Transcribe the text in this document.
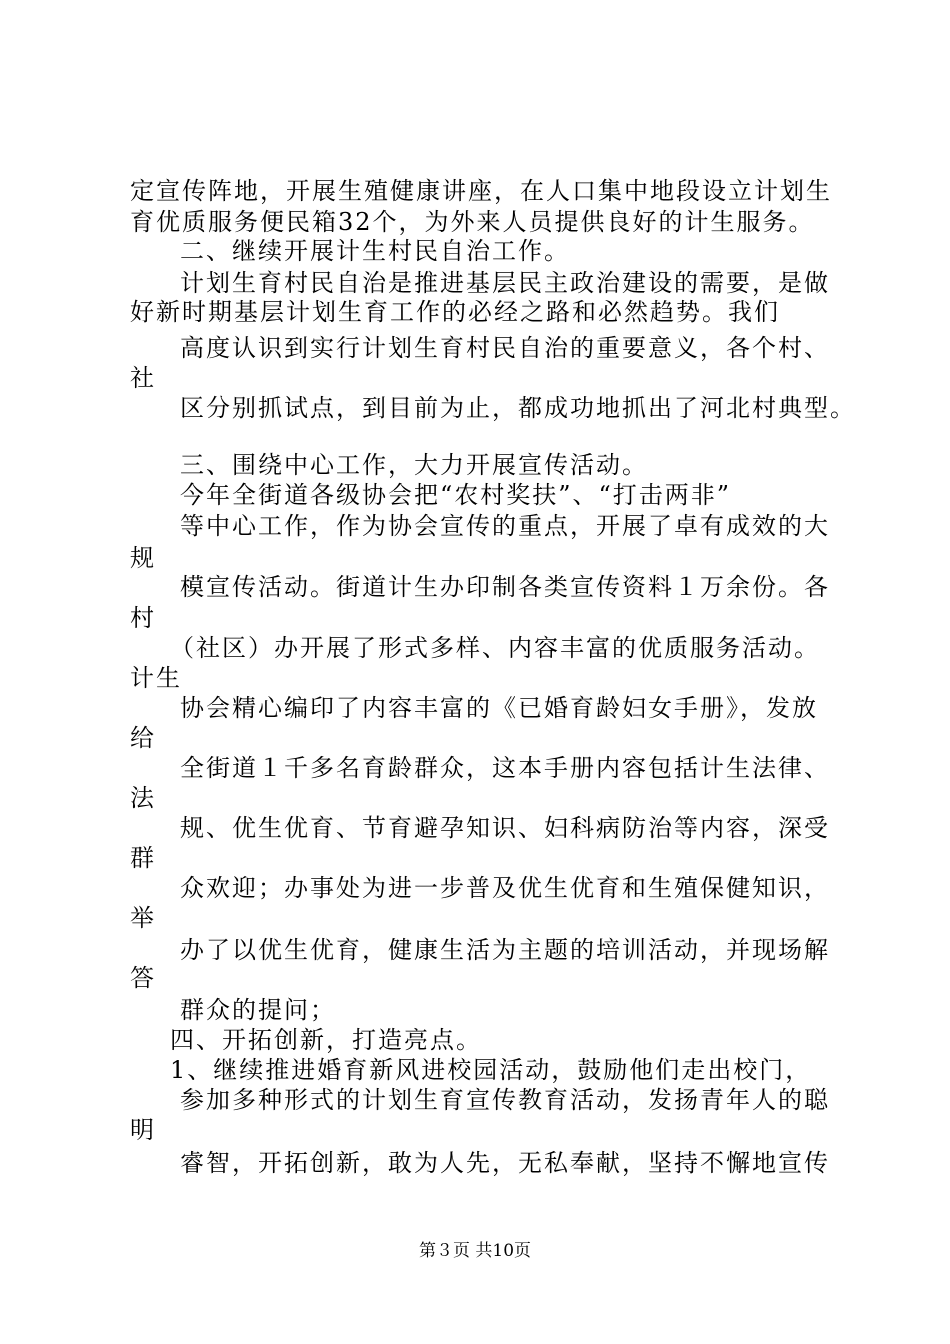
定宣传阵地，开展生殖健康讲座，在人口集中地段设立计划生
育优质服务便民箱32个，为外来人员提供良好的计生服务。
二、继续开展计生村民自治工作。
计划生育村民自治是推进基层民主政治建设的需要，是做
好新时期基层计划生育工作的必经之路和必然趋势。我们
高度认识到实行计划生育村民自治的重要意义，各个村、
社
区分别抓试点，到目前为止，都成功地抓出了河北村典型。
三、围绕中心工作，大力开展宣传活动。
今年全街道各级协会把“农村奖扶”、“打击两非”
等中心工作，作为协会宣传的重点，开展了卓有成效的大
规
模宣传活动。街道计生办印制各类宣传资料１万余份。各
村
（社区）办开展了形式多样、内容丰富的优质服务活动。
计生
协会精心编印了内容丰富的《已婚育龄妇女手册》，发放
给
全街道１千多名育龄群众，这本手册内容包括计生法律、
法
规、优生优育、节育避孕知识、妇科病防治等内容，深受
群
众欢迎；办事处为进一步普及优生优育和生殖保健知识，
举
办了以优生优育，健康生活为主题的培训活动，并现场解
答
群众的提问；
四、开拓创新，打造亮点。
1、继续推进婚育新风进校园活动，鼓励他们走出校门，
参加多种形式的计划生育宣传教育活动，发扬青年人的聪
明
睿智，开拓创新，敢为人先，无私奉献，坚持不懈地宣传
第３页 共10页
